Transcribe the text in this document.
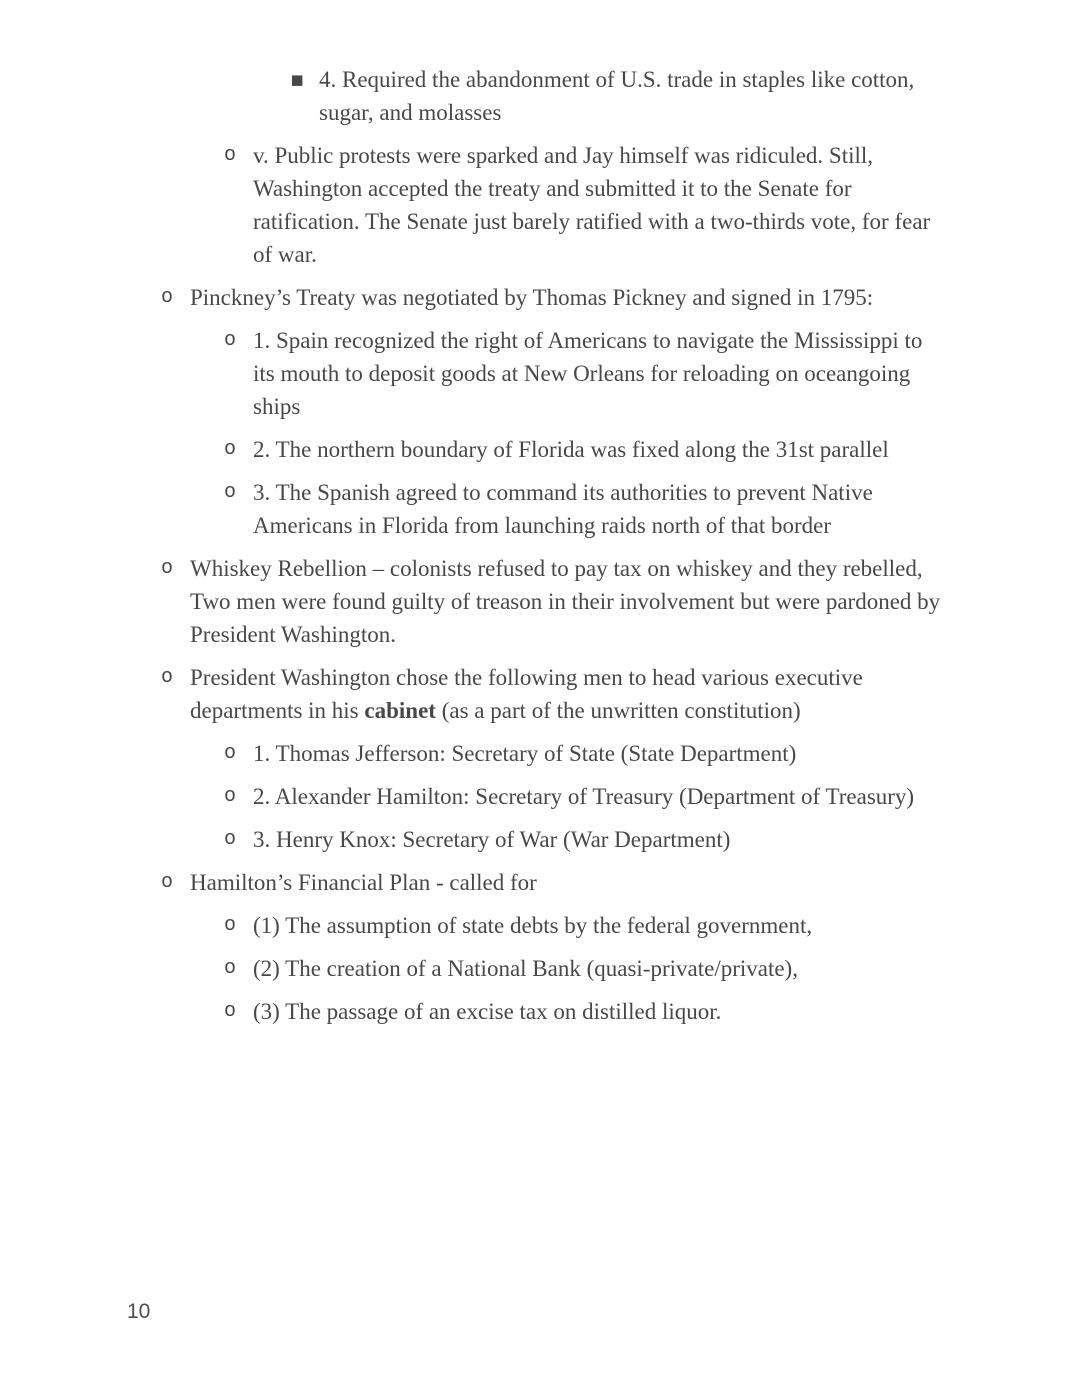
▪ 4. Required the abandonment of U.S. trade in staples like cotton, sugar, and molasses
o v. Public protests were sparked and Jay himself was ridiculed. Still, Washington accepted the treaty and submitted it to the Senate for ratification. The Senate just barely ratified with a two-thirds vote, for fear of war.
o Pinckney’s Treaty was negotiated by Thomas Pickney and signed in 1795:
o 1. Spain recognized the right of Americans to navigate the Mississippi to its mouth to deposit goods at New Orleans for reloading on oceangoing ships
o 2. The northern boundary of Florida was fixed along the 31st parallel
o 3. The Spanish agreed to command its authorities to prevent Native Americans in Florida from launching raids north of that border
o Whiskey Rebellion – colonists refused to pay tax on whiskey and they rebelled, Two men were found guilty of treason in their involvement but were pardoned by President Washington.
o President Washington chose the following men to head various executive departments in his cabinet (as a part of the unwritten constitution)
o 1. Thomas Jefferson: Secretary of State (State Department)
o 2. Alexander Hamilton: Secretary of Treasury (Department of Treasury)
o 3. Henry Knox: Secretary of War (War Department)
o Hamilton’s Financial Plan - called for
o (1) The assumption of state debts by the federal government,
o (2) The creation of a National Bank (quasi-private/private),
o (3) The passage of an excise tax on distilled liquor.
10
